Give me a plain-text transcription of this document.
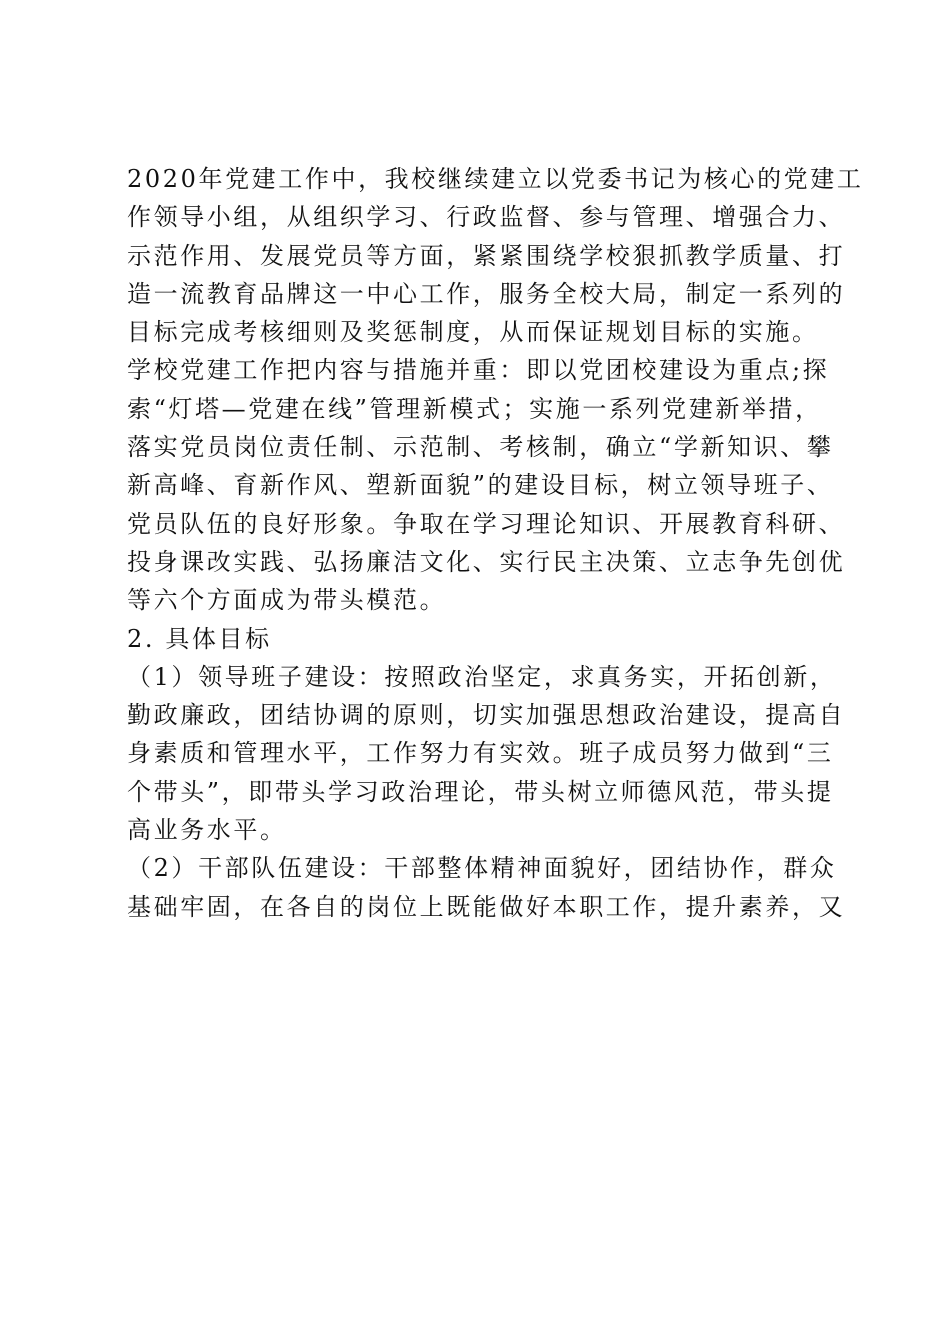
2020年党建工作中，我校继续建立以党委书记为核心的党建工
作领导小组，从组织学习、行政监督、参与管理、增强合力、
示范作用、发展党员等方面，紧紧围绕学校狠抓教学质量、打
造一流教育品牌这一中心工作，服务全校大局，制定一系列的
目标完成考核细则及奖惩制度，从而保证规划目标的实施。
学校党建工作把内容与措施并重：即以党团校建设为重点;探
索“灯塔—党建在线”管理新模式；实施一系列党建新举措，
落实党员岗位责任制、示范制、考核制，确立“学新知识、攀
新高峰、育新作风、塑新面貌”的建设目标，树立领导班子、
党员队伍的良好形象。争取在学习理论知识、开展教育科研、
投身课改实践、弘扬廉洁文化、实行民主决策、立志争先创优
等六个方面成为带头模范。
2. 具体目标
（1）领导班子建设：按照政治坚定，求真务实，开拓创新，
勤政廉政，团结协调的原则，切实加强思想政治建设，提高自
身素质和管理水平，工作努力有实效。班子成员努力做到“三
个带头”，即带头学习政治理论，带头树立师德风范，带头提
高业务水平。
（2）干部队伍建设：干部整体精神面貌好，团结协作，群众
基础牢固，在各自的岗位上既能做好本职工作，提升素养，又
